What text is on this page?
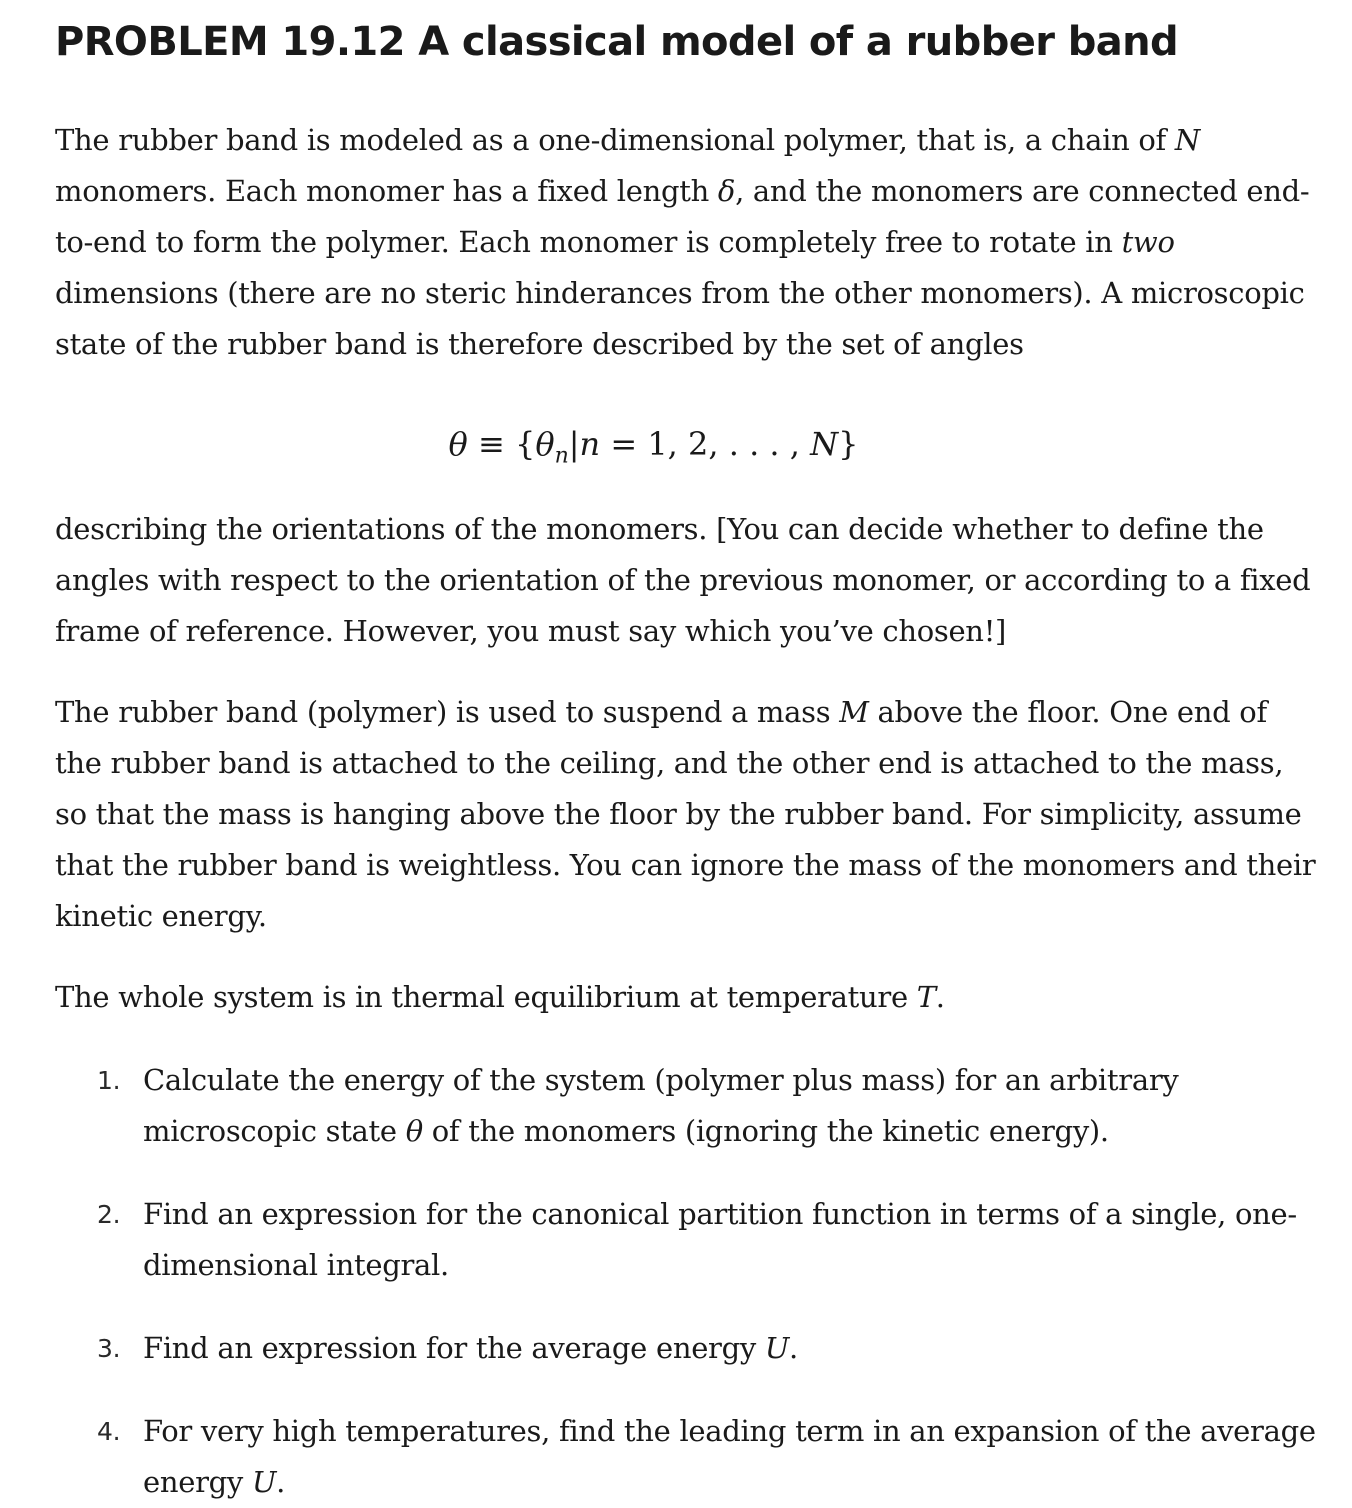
PROBLEM 19.12 A classical model of a rubber band

The rubber band is modeled as a one-dimensional polymer, that is, a chain of N monomers. Each monomer has a fixed length δ, and the monomers are connected end-to-end to form the polymer. Each monomer is completely free to rotate in two dimensions (there are no steric hinderances from the other monomers). A microscopic state of the rubber band is therefore described by the set of angles

$\theta \equiv \{\theta_n|n = 1$, 2, . . . , N}

describing the orientations of the monomers. [You can decide whether to define the angles with respect to the orientation of the previous monomer, or according to a fixed frame of reference. However, you must say which you’ve chosen!]

The rubber band (polymer) is used to suspend a mass M above the floor. One end of the rubber band is attached to the ceiling, and the other end is attached to the mass, so that the mass is hanging above the floor by the rubber band. For simplicity, assume that the rubber band is weightless. You can ignore the mass of the monomers and their kinetic energy.

The whole system is in thermal equilibrium at temperature T.

1. Calculate the energy of the system (polymer plus mass) for an arbitrary microscopic state θ of the monomers (ignoring the kinetic energy).
2. Find an expression for the canonical partition function in terms of a single, one-dimensional integral.
3. Find an expression for the average energy U.
4. For very high temperatures, find the leading term in an expansion of the average energy U.
